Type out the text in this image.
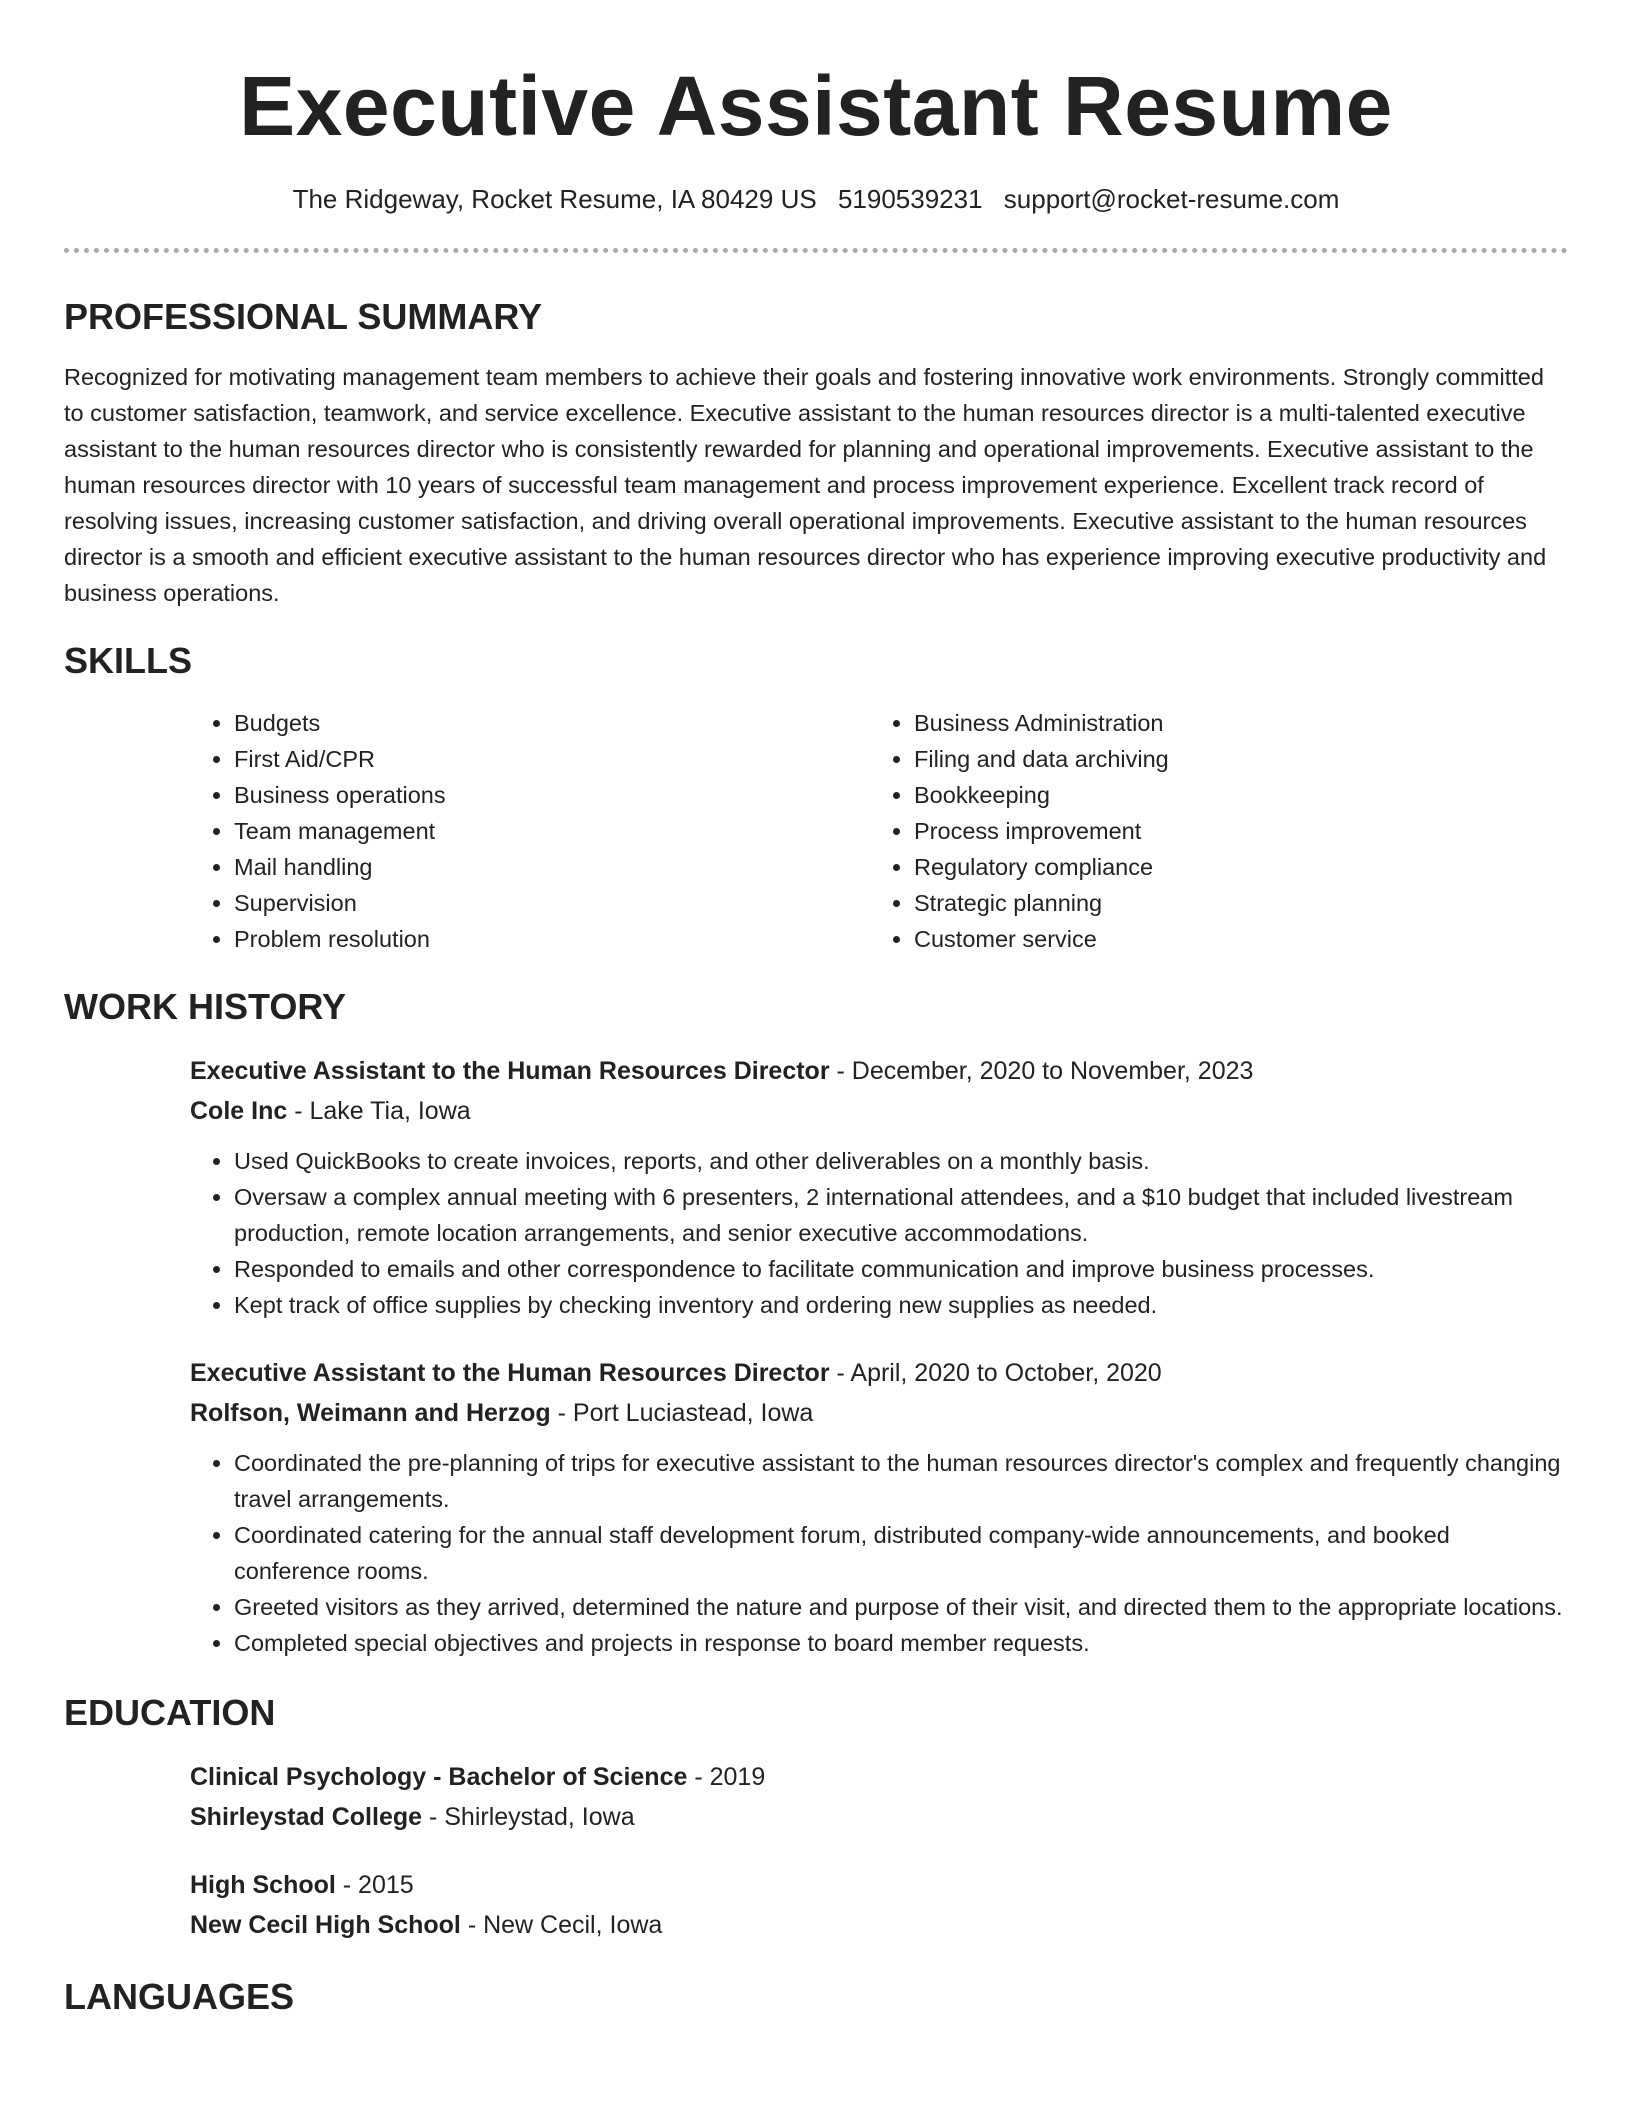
Executive Assistant Resume
The Ridgeway, Rocket Resume, IA 80429 US 5190539231 support@rocket-resume.com
PROFESSIONAL SUMMARY

Recognized for motivating management team members to achieve their goals and fostering innovative work environments. Strongly committed to customer satisfaction, teamwork, and service excellence. Executive assistant to the human resources director is a multi-talented executive assistant to the human resources director who is consistently rewarded for planning and operational improvements. Executive assistant to the human resources director with 10 years of successful team management and process improvement experience. Excellent track record of resolving issues, increasing customer satisfaction, and driving overall operational improvements. Executive assistant to the human resources director is a smooth and efficient executive assistant to the human resources director who has experience improving executive productivity and business operations.

SKILLS
• Budgets
• First Aid/CPR
• Business operations
• Team management
• Mail handling
• Supervision
• Problem resolution
• Business Administration
• Filing and data archiving
• Bookkeeping
• Process improvement
• Regulatory compliance
• Strategic planning
• Customer service
WORK HISTORY
Executive Assistant to the Human Resources Director - December, 2020 to November, 2023
Cole Inc - Lake Tia, Iowa
• Used QuickBooks to create invoices, reports, and other deliverables on a monthly basis.
• Oversaw a complex annual meeting with 6 presenters, 2 international attendees, and a $10 budget that included livestream production, remote location arrangements, and senior executive accommodations.
• Responded to emails and other correspondence to facilitate communication and improve business processes.
• Kept track of office supplies by checking inventory and ordering new supplies as needed.
Executive Assistant to the Human Resources Director - April, 2020 to October, 2020
Rolfson, Weimann and Herzog - Port Luciastead, Iowa
• Coordinated the pre-planning of trips for executive assistant to the human resources director's complex and frequently changing travel arrangements.
• Coordinated catering for the annual staff development forum, distributed company-wide announcements, and booked conference rooms.
• Greeted visitors as they arrived, determined the nature and purpose of their visit, and directed them to the appropriate locations.
• Completed special objectives and projects in response to board member requests.
EDUCATION
Clinical Psychology - Bachelor of Science - 2019
Shirleystad College - Shirleystad, Iowa
High School - 2015
New Cecil High School - New Cecil, Iowa
LANGUAGES
